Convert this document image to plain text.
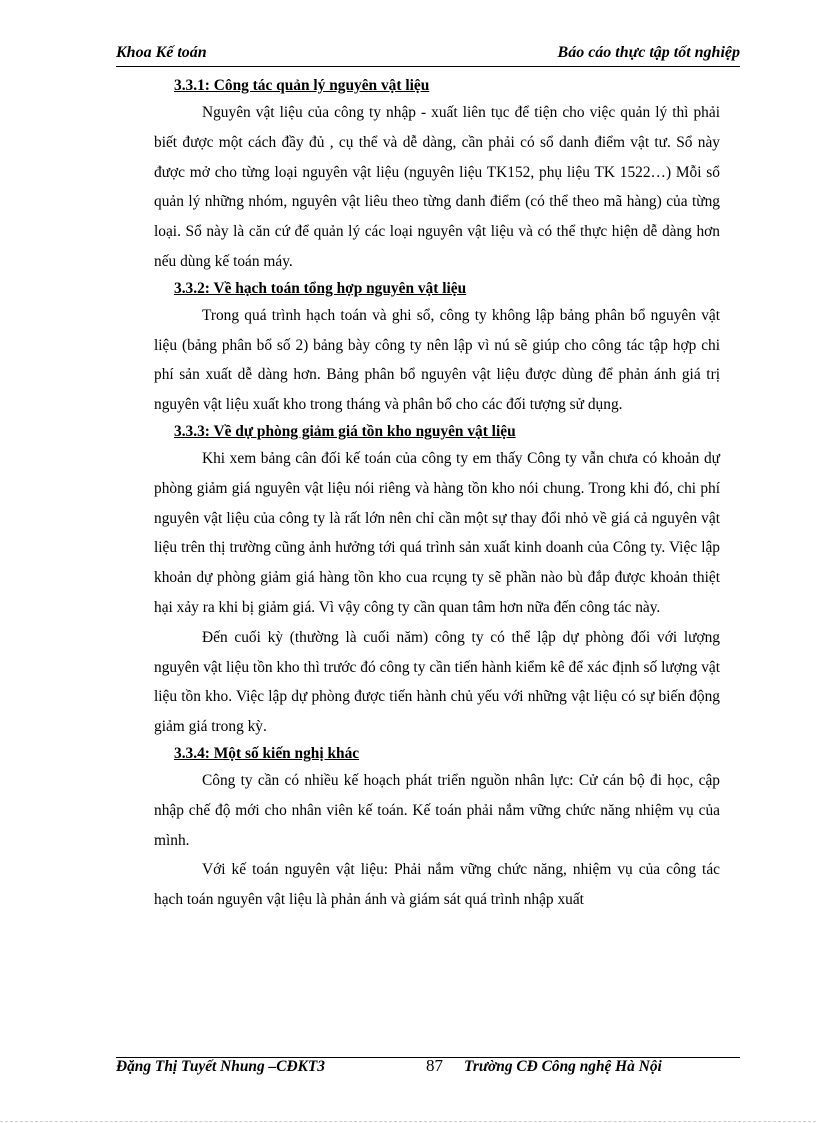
Khoa Kế toán	Báo cáo thực tập tốt nghiệp

3.3.1: Công tác quản lý nguyên vật liệu

Nguyên vật liệu của công ty nhập - xuất liên tục để tiện cho việc quản lý thì phải biết được một cách đầy đủ , cụ thể và dễ dàng, cần phải có sổ danh điểm vật tư. Sổ này được mở cho từng loại nguyên vật liệu (nguyên liệu TK152, phụ liệu TK 1522…) Mỗi sổ quản lý những nhóm, nguyên vật liêu theo từng danh điểm (có thể theo mã hàng) của từng loại. Sổ này là căn cứ để quản lý các loại nguyên vật liệu và có thể thực hiện dễ dàng hơn nếu dùng kế toán máy.

3.3.2: Về hạch toán tổng hợp nguyên vật liệu

Trong quá trình hạch toán và ghi sổ, công ty không lập bảng phân bổ nguyên vật liệu (bảng phân bổ số 2) bảng bày công ty nên lập vì nú sẽ giúp cho công tác tập hợp chi phí sản xuất dễ dàng hơn. Bảng phân bổ nguyên vật liệu được dùng để phản ánh giá trị nguyên vật liệu xuất kho trong tháng và phân bổ cho các đối tượng sử dụng.

3.3.3: Về dự phòng giảm giá tồn kho nguyên vật liệu

Khi xem bảng cân đối kế toán của công ty em thấy Công ty vẫn chưa có khoản dự phòng giảm giá nguyên vật liệu nói riêng và hàng tồn kho nói chung. Trong khi đó, chi phí nguyên vật liệu của công ty là rất lớn nên chỉ cần một sự thay đổi nhỏ về giá cả nguyên vật liệu trên thị trường cũng ảnh hưởng tới quá trình sản xuất kinh doanh của Công ty. Việc lập khoản dự phòng giảm giá hàng tồn kho cua rcụng ty sẽ phần nào bù đắp được khoản thiệt hại xảy ra khi bị giảm giá. Vì vậy công ty cần quan tâm hơn nữa đến công tác này.

Đến cuối kỳ (thường là cuối năm) công ty có thể lập dự phòng đối với lượng nguyên vật liệu tồn kho thì trước đó công ty cần tiến hành kiểm kê để xác định số lượng vật liệu tồn kho. Việc lập dự phòng được tiến hành chủ yếu với những vật liệu có sự biến động giảm giá trong kỳ.

3.3.4: Một số kiến nghị khác

Công ty cần có nhiều kế hoạch phát triển nguồn nhân lực: Cử cán bộ đi học, cập nhập chế độ mới cho nhân viên kế toán. Kế toán phải nắm vững chức năng nhiệm vụ của mình.

Với kế toán nguyên vật liệu: Phải nắm vững chức năng, nhiệm vụ của công tác hạch toán nguyên vật liệu là phản ánh và giám sát quá trình nhập xuất

Đặng Thị Tuyết Nhung –CĐKT3	87 Trường CĐ Công nghệ Hà Nội
